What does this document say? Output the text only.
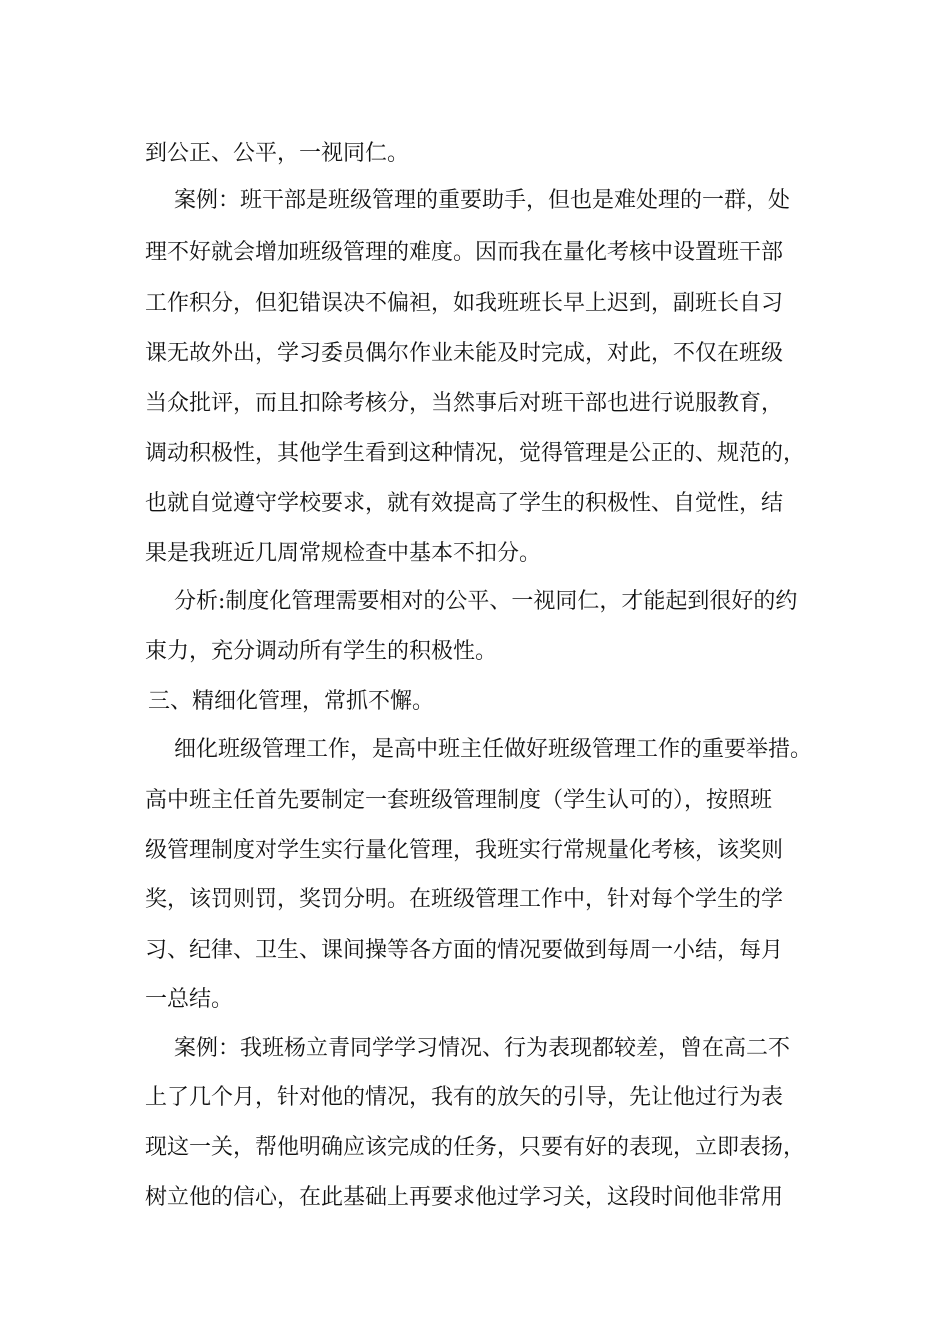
到公正、公平，一视同仁。
案例：班干部是班级管理的重要助手，但也是难处理的一群，处
理不好就会增加班级管理的难度。因而我在量化考核中设置班干部
工作积分，但犯错误决不偏袒，如我班班长早上迟到，副班长自习
课无故外出，学习委员偶尔作业未能及时完成，对此，不仅在班级
当众批评，而且扣除考核分，当然事后对班干部也进行说服教育，
调动积极性，其他学生看到这种情况，觉得管理是公正的、规范的，
也就自觉遵守学校要求，就有效提高了学生的积极性、自觉性，结
果是我班近几周常规检查中基本不扣分。
分析:制度化管理需要相对的公平、一视同仁，才能起到很好的约
束力，充分调动所有学生的积极性。
三、精细化管理，常抓不懈。
细化班级管理工作，是高中班主任做好班级管理工作的重要举措。
高中班主任首先要制定一套班级管理制度（学生认可的），按照班
级管理制度对学生实行量化管理，我班实行常规量化考核，该奖则
奖，该罚则罚，奖罚分明。在班级管理工作中，针对每个学生的学
习、纪律、卫生、课间操等各方面的情况要做到每周一小结，每月
一总结。
案例：我班杨立青同学学习情况、行为表现都较差，曾在高二不
上了几个月，针对他的情况，我有的放矢的引导，先让他过行为表
现这一关，帮他明确应该完成的任务，只要有好的表现，立即表扬，
树立他的信心，在此基础上再要求他过学习关，这段时间他非常用
